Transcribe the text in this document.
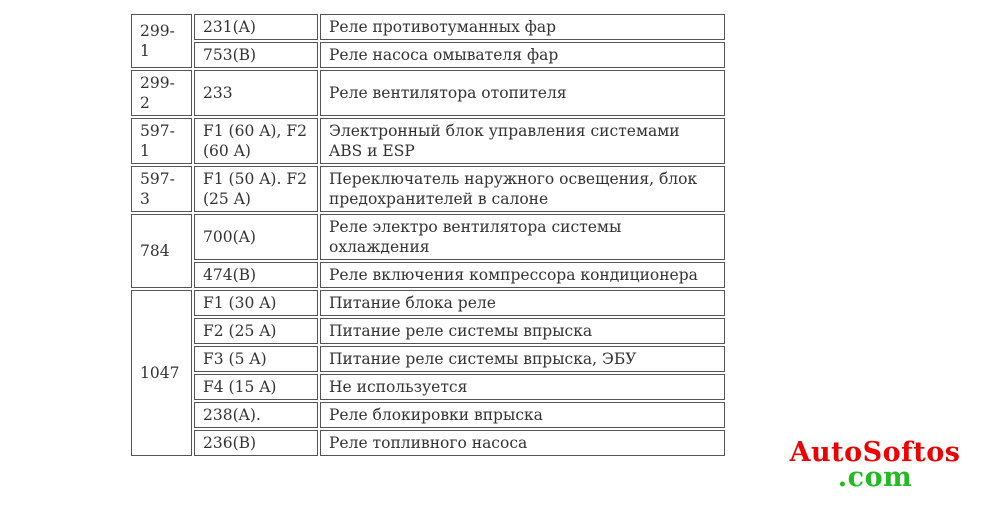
299-1	231(A)	Реле противотуманных фар
	753(B)	Реле насоса омывателя фар
299-2	233	Реле вентилятора отопителя
597-1	F1 (60 A), F2 (60 A)	Электронный блок управления системами ABS и ESP
597-3	F1 (50 A). F2 (25 A)	Переключатель наружного освещения, блок предохранителей в салоне
784	700(A)	Реле электро вентилятора системы охлаждения
	474(B)	Реле включения компрессора кондиционера
1047	F1 (30 A)	Питание блока реле
	F2 (25 A)	Питание реле системы впрыска
	F3 (5 A)	Питание реле системы впрыска, ЭБУ
	F4 (15 A)	Не используется
	238(A).	Реле блокировки впрыска
	236(B)	Реле топливного насоса	AutoSoftos
.com
